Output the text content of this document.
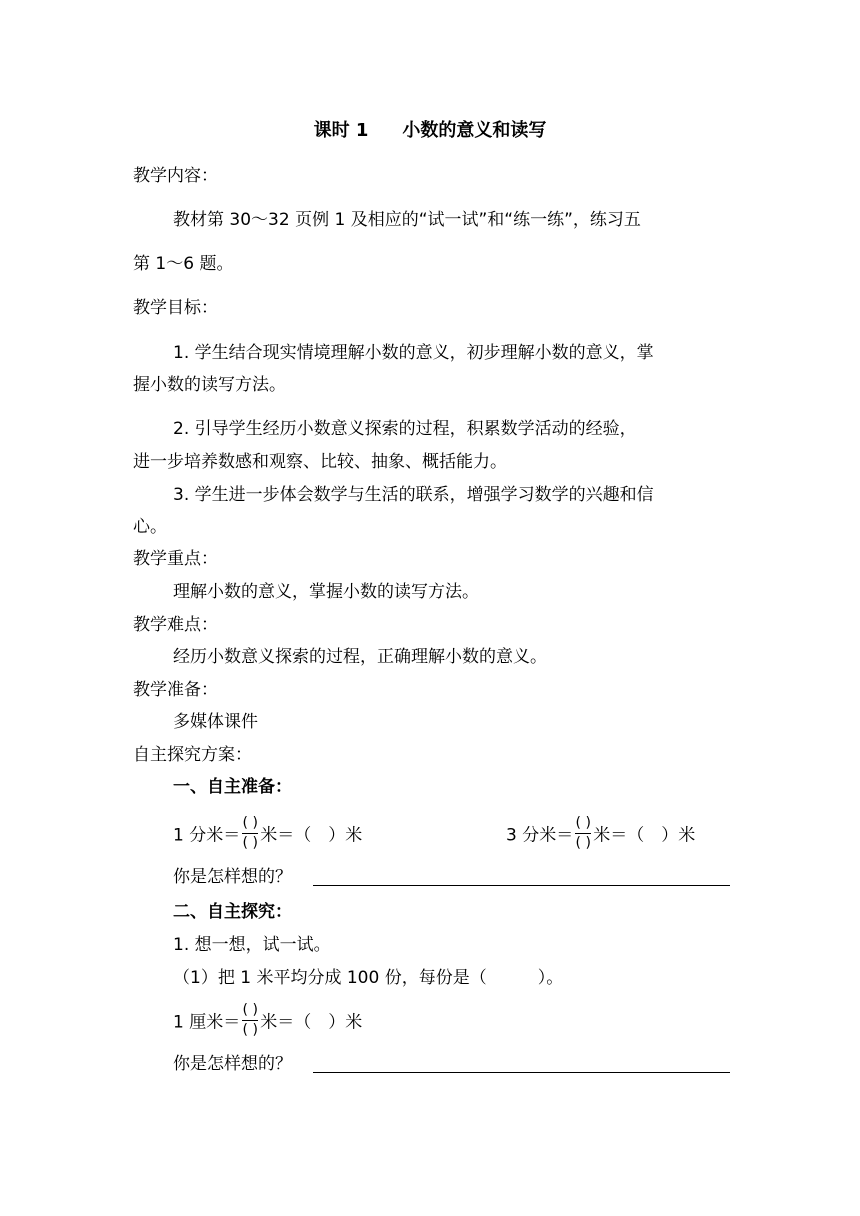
课时 1 小数的意义和读写
教学内容：
教材第 30～32 页例 1 及相应的“试一试”和“练一练”，练习五
第 1～6 题。
教学目标：
1. 学生结合现实情境理解小数的意义，初步理解小数的意义，掌
握小数的读写方法。
2. 引导学生经历小数意义探索的过程，积累数学活动的经验，
进一步培养数感和观察、比较、抽象、概括能力。
3. 学生进一步体会数学与生活的联系，增强学习数学的兴趣和信
心。
教学重点：
理解小数的意义，掌握小数的读写方法。
教学难点：
经历小数意义探索的过程，正确理解小数的意义。
教学准备：
多媒体课件
自主探究方案：
一、自主准备：
1 分米＝ $\frac{( )}{( )}$ 米＝（　）米	3 分米＝ $\frac{( )}{( )}$ 米＝（　）米
你是怎样想的？
二、自主探究：
1. 想一想，试一试。
（1）把 1 米平均分成 100 份，每份是（　　　）。
1 厘米＝ $\frac{( )}{( )}$ 米＝（　）米
你是怎样想的？
